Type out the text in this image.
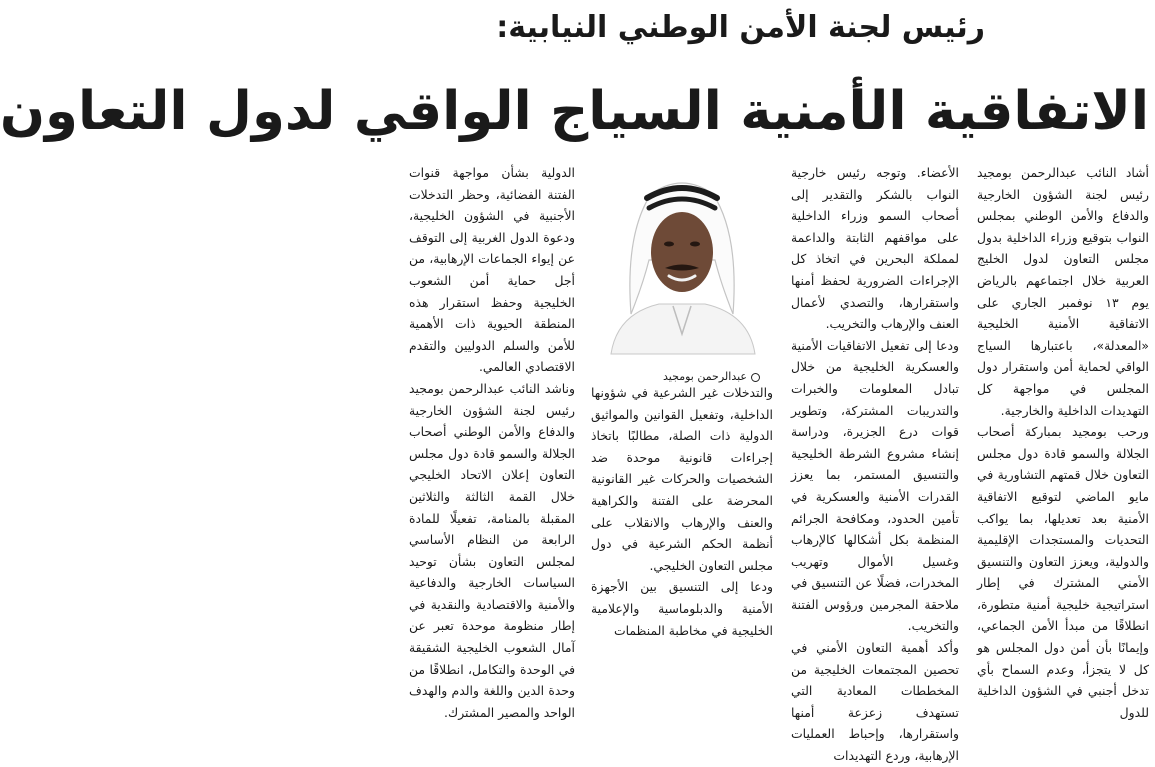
رئيس لجنة الأمن الوطني النيابية:
الاتفاقية الأمنية السياج الواقي لدول التعاون

أشاد النائب عبدالرحمن بومجيد رئيس لجنة الشؤون الخارجية والدفاع والأمن الوطني بمجلس النواب بتوقيع وزراء الداخلية بدول مجلس التعاون لدول الخليج العربية خلال اجتماعهم بالرياض يوم ١٣ نوفمبر الجاري على الاتفاقية الأمنية الخليجية «المعدلة»، باعتبارها السياج الواقي لحماية أمن واستقرار دول المجلس في مواجهة كل التهديدات الداخلية والخارجية.

ورحب بومجيد بمباركة أصحاب الجلالة والسمو قادة دول مجلس التعاون خلال قمتهم التشاورية في مايو الماضي لتوقيع الاتفاقية الأمنية بعد تعديلها، بما يواكب التحديات والمستجدات الإقليمية والدولية، ويعزز التعاون والتنسيق الأمني المشترك في إطار استراتيجية خليجية أمنية متطورة، انطلاقًا من مبدأ الأمن الجماعي، وإيمانًا بأن أمن دول المجلس هو كل لا يتجزأ، وعدم السماح بأي تدخل أجنبي في الشؤون الداخلية للدول

الأعضاء. وتوجه رئيس خارجية النواب بالشكر والتقدير إلى أصحاب السمو وزراء الداخلية على مواقفهم الثابتة والداعمة لمملكة البحرين في اتخاذ كل الإجراءات الضرورية لحفظ أمنها واستقرارها، والتصدي لأعمال العنف والإرهاب والتخريب.

ودعا إلى تفعيل الاتفاقيات الأمنية والعسكرية الخليجية من خلال تبادل المعلومات والخبرات والتدريبات المشتركة، وتطوير قوات درع الجزيرة، ودراسة إنشاء مشروع الشرطة الخليجية والتنسيق المستمر، بما يعزز القدرات الأمنية والعسكرية في تأمين الحدود، ومكافحة الجرائم المنظمة بكل أشكالها كالإرهاب وغسيل الأموال وتهريب المخدرات، فضلًا عن التنسيق في ملاحقة المجرمين ورؤوس الفتنة والتخريب.

وأكد أهمية التعاون الأمني في تحصين المجتمعات الخليجية من المخططات المعادية التي تستهدف زعزعة أمنها واستقرارها، وإحباط العمليات الإرهابية، وردع التهديدات

عبدالرحمن بومجيد

والتدخلات غير الشرعية في شؤونها الداخلية، وتفعيل القوانين والمواثيق الدولية ذات الصلة، مطالبًا باتخاذ إجراءات قانونية موحدة ضد الشخصيات والحركات غير القانونية المحرضة على الفتنة والكراهية والعنف والإرهاب والانقلاب على أنظمة الحكم الشرعية في دول مجلس التعاون الخليجي.

ودعا إلى التنسيق بين الأجهزة الأمنية والدبلوماسية والإعلامية الخليجية في مخاطبة المنظمات

الدولية بشأن مواجهة قنوات الفتنة الفضائية، وحظر التدخلات الأجنبية في الشؤون الخليجية، ودعوة الدول الغربية إلى التوقف عن إيواء الجماعات الإرهابية، من أجل حماية أمن الشعوب الخليجية وحفظ استقرار هذه المنطقة الحيوية ذات الأهمية للأمن والسلم الدوليين والتقدم الاقتصادي العالمي.

وناشد النائب عبدالرحمن بومجيد رئيس لجنة الشؤون الخارجية والدفاع والأمن الوطني أصحاب الجلالة والسمو قادة دول مجلس التعاون إعلان الاتحاد الخليجي خلال القمة الثالثة والثلاثين المقبلة بالمنامة، تفعيلًا للمادة الرابعة من النظام الأساسي لمجلس التعاون بشأن توحيد السياسات الخارجية والدفاعية والأمنية والاقتصادية والنقدية في إطار منظومة موحدة تعبر عن آمال الشعوب الخليجية الشقيقة في الوحدة والتكامل، انطلاقًا من وحدة الدين واللغة والدم والهدف الواحد والمصير المشترك.
